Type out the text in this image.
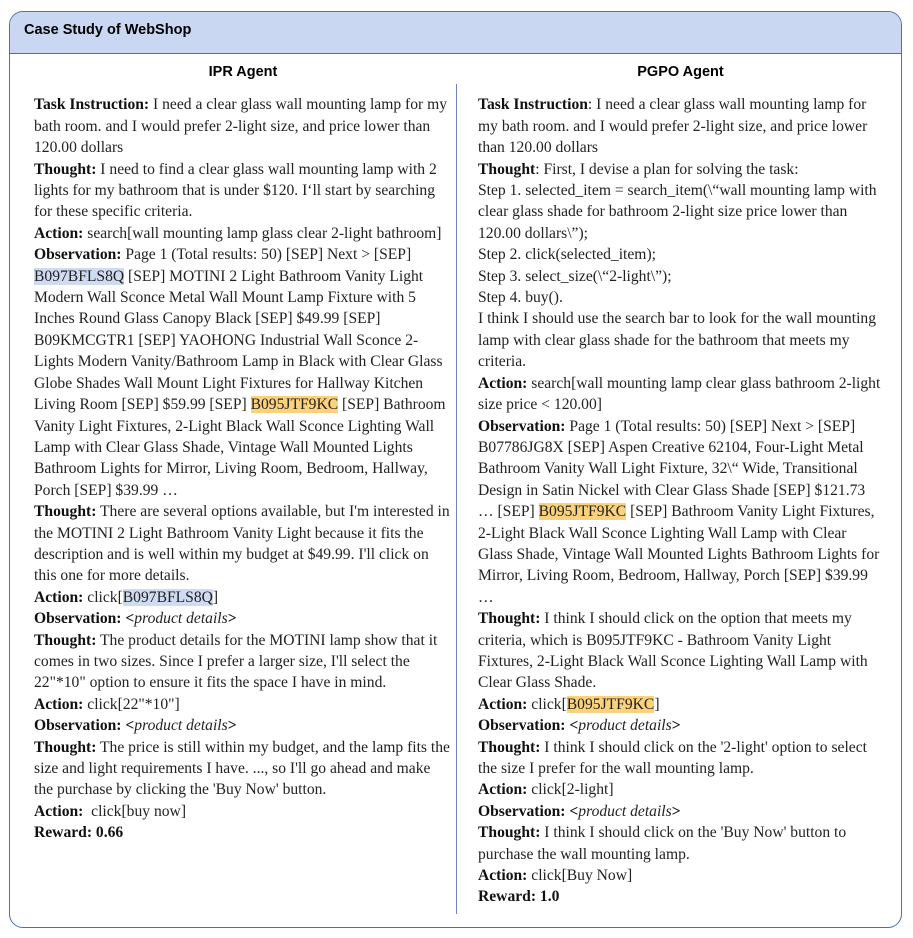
Case Study of WebShop
IPR Agent
Task Instruction: I need a clear glass wall mounting lamp for my bath room. and I would prefer 2-light size, and price lower than 120.00 dollars
Thought: I need to find a clear glass wall mounting lamp with 2 lights for my bathroom that is under $120. I‘ll start by searching for these specific criteria.
Action: search[wall mounting lamp glass clear 2-light bathroom]
Observation: Page 1 (Total results: 50) [SEP] Next > [SEP] B097BFLS8Q [SEP] MOTINI 2 Light Bathroom Vanity Light Modern Wall Sconce Metal Wall Mount Lamp Fixture with 5 Inches Round Glass Canopy Black [SEP] $49.99 [SEP] B09KMCGTR1 [SEP] YAOHONG Industrial Wall Sconce 2-Lights Modern Vanity/Bathroom Lamp in Black with Clear Glass Globe Shades Wall Mount Light Fixtures for Hallway Kitchen Living Room [SEP] $59.99 [SEP] B095JTF9KC [SEP] Bathroom Vanity Light Fixtures, 2-Light Black Wall Sconce Lighting Wall Lamp with Clear Glass Shade, Vintage Wall Mounted Lights Bathroom Lights for Mirror, Living Room, Bedroom, Hallway, Porch [SEP] $39.99 …
Thought: There are several options available, but I'm interested in the MOTINI 2 Light Bathroom Vanity Light because it fits the description and is well within my budget at $49.99. I'll click on this one for more details.
Action: click[B097BFLS8Q]
Observation: <product details>
Thought: The product details for the MOTINI lamp show that it comes in two sizes. Since I prefer a larger size, I'll select the 22"*10" option to ensure it fits the space I have in mind.
Action: click[22"*10"]
Observation: <product details>
Thought: The price is still within my budget, and the lamp fits the size and light requirements I have. ..., so I'll go ahead and make the purchase by clicking the 'Buy Now' button.
Action:  click[buy now]
Reward: 0.66
PGPO Agent
Task Instruction: I need a clear glass wall mounting lamp for my bath room. and I would prefer 2-light size, and price lower than 120.00 dollars
Thought: First, I devise a plan for solving the task:
Step 1. selected_item = search_item(\“wall mounting lamp with clear glass shade for bathroom 2-light size price lower than 120.00 dollars\”);
Step 2. click(selected_item);
Step 3. select_size(\“2-light\”);
Step 4. buy().
I think I should use the search bar to look for the wall mounting lamp with clear glass shade for the bathroom that meets my criteria.
Action: search[wall mounting lamp clear glass bathroom 2-light size price < 120.00]
Observation: Page 1 (Total results: 50) [SEP] Next > [SEP] B07786JG8X [SEP] Aspen Creative 62104, Four-Light Metal Bathroom Vanity Wall Light Fixture, 32\“ Wide, Transitional Design in Satin Nickel with Clear Glass Shade [SEP] $121.73 … [SEP] B095JTF9KC [SEP] Bathroom Vanity Light Fixtures, 2-Light Black Wall Sconce Lighting Wall Lamp with Clear Glass Shade, Vintage Wall Mounted Lights Bathroom Lights for Mirror, Living Room, Bedroom, Hallway, Porch [SEP] $39.99 …
Thought: I think I should click on the option that meets my criteria, which is B095JTF9KC - Bathroom Vanity Light Fixtures, 2-Light Black Wall Sconce Lighting Wall Lamp with Clear Glass Shade.
Action: click[B095JTF9KC]
Observation: <product details>
Thought: I think I should click on the '2-light' option to select the size I prefer for the wall mounting lamp.
Action: click[2-light]
Observation: <product details>
Thought: I think I should click on the 'Buy Now' button to purchase the wall mounting lamp.
Action: click[Buy Now]
Reward: 1.0
